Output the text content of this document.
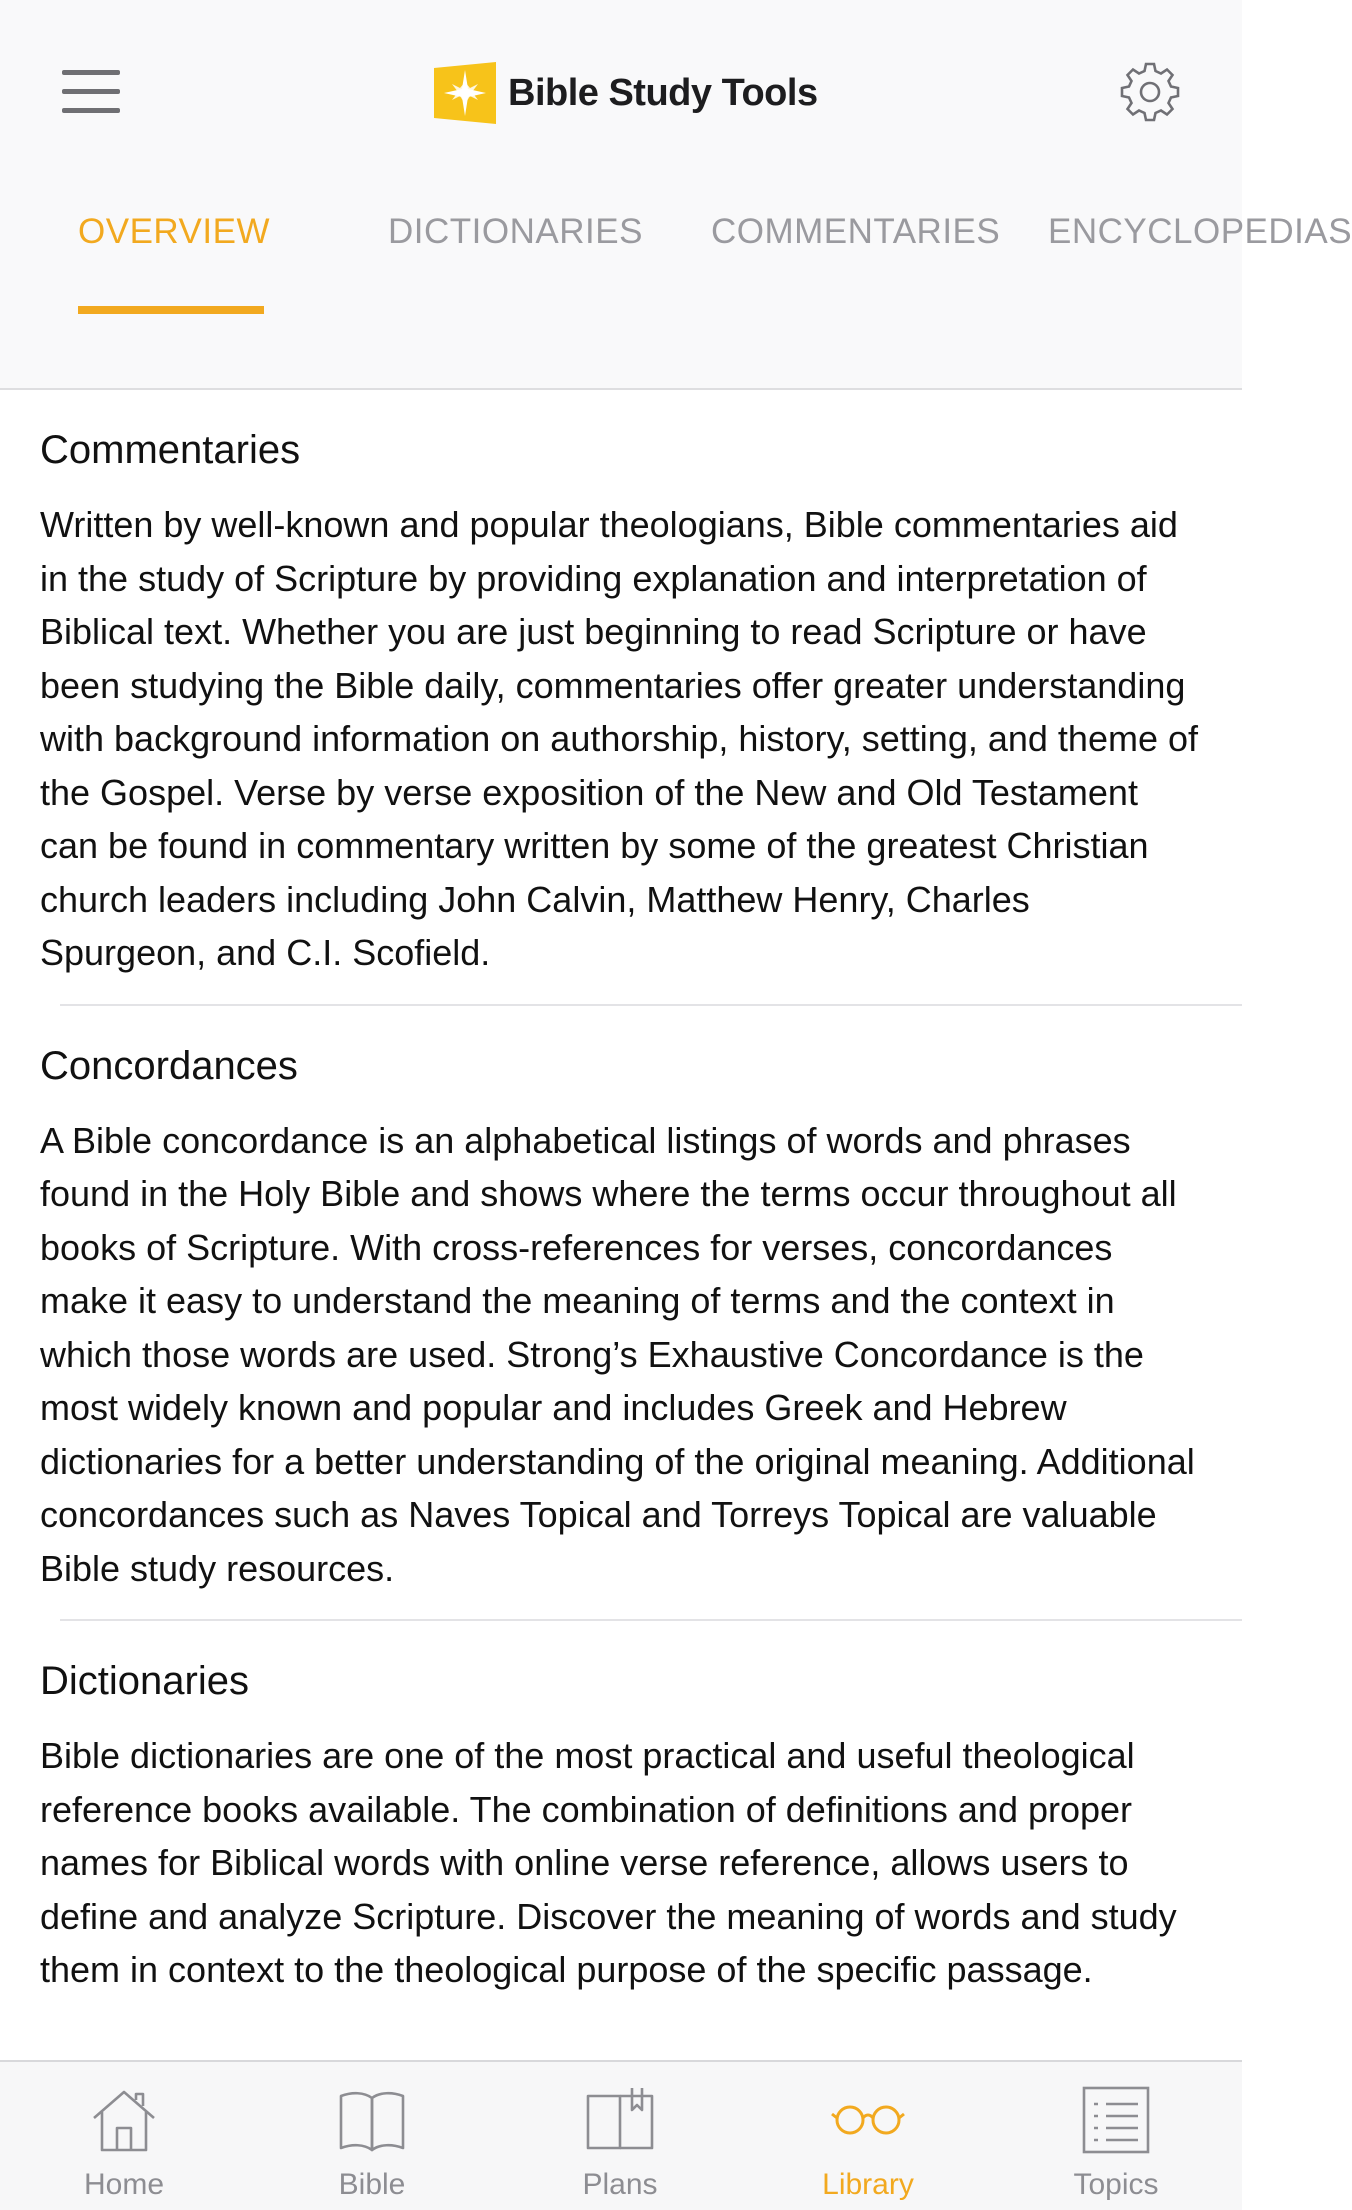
Bible Study Tools
OVERVIEW	DICTIONARIES COMMENTARIES ENCYCLOPEDIAS
Commentaries

Written by well-known and popular theologians, Bible commentaries aid in the study of Scripture by providing explanation and interpretation of Biblical text. Whether you are just beginning to read Scripture or have been studying the Bible daily, commentaries offer greater understanding with background information on authorship, history, setting, and theme of the Gospel. Verse by verse exposition of the New and Old Testament can be found in commentary written by some of the greatest Christian church leaders including John Calvin, Matthew Henry, Charles Spurgeon, and C.I. Scofield.

Concordances

A Bible concordance is an alphabetical listings of words and phrases found in the Holy Bible and shows where the terms occur throughout all books of Scripture. With cross-references for verses, concordances make it easy to understand the meaning of terms and the context in which those words are used. Strong’s Exhaustive Concordance is the most widely known and popular and includes Greek and Hebrew dictionaries for a better understanding of the original meaning. Additional concordances such as Naves Topical and Torreys Topical are valuable Bible study resources.

Dictionaries

Bible dictionaries are one of the most practical and useful theological reference books available. The combination of definitions and proper names for Biblical words with online verse reference, allows users to define and analyze Scripture. Discover the meaning of words and study them in context to the theological purpose of the specific passage.

Home	Bible	Plans	Library	Topics
